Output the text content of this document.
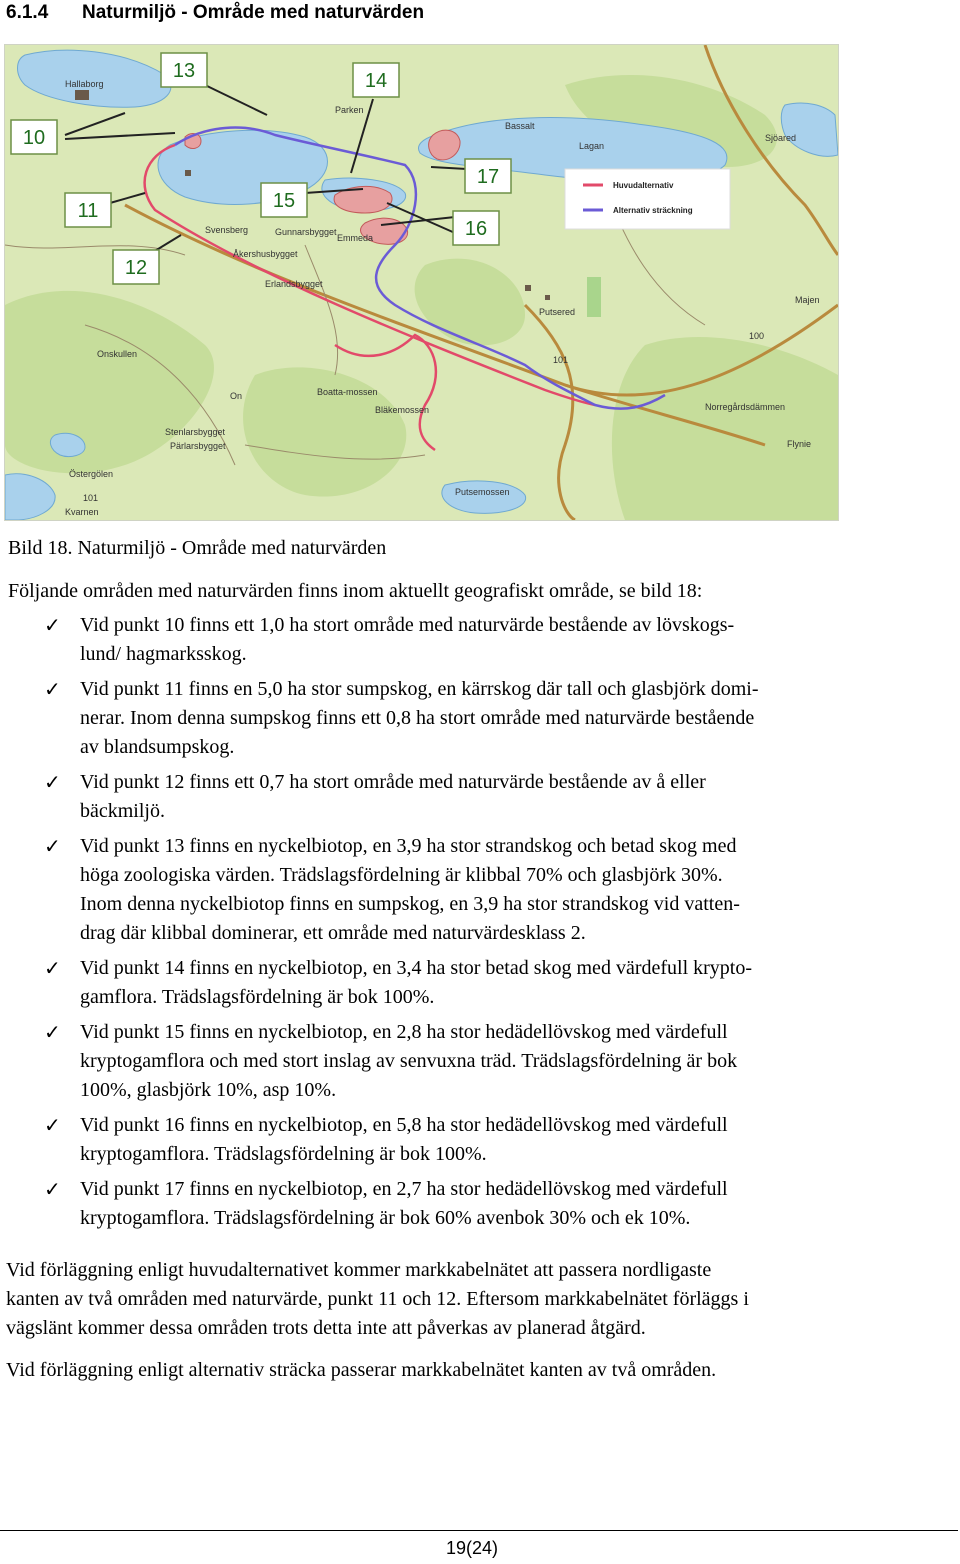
6.1.4 Naturmiljö - Område med naturvärden
Hallaborg
Parken
Bassalt
Lagan
Sjöared
Majen
Svensberg
Åkershusbygget
Gunnarsbygget
Emmeda
Erlandsbygget
Putsered
Onskullen
On	Boatta-mossen
Bläkemossen
Stenlarsbygget
Pärlarsbygget
Östergölen
Putsemossen
Flynie
Norregårdsdämmen
Kvarnen
101
101
100
Huvudalternativ
Alternativ sträckning
10
11
12
13	14
15
16
17
Bild 18. Naturmiljö - Område med naturvärden
Följande områden med naturvärden finns inom aktuellt geografiskt område, se bild 18:
✓ Vid punkt 10 finns ett 1,0 ha stort område med naturvärde bestående av lövskogs-
lund/ hagmarksskog.
✓ Vid punkt 11 finns en 5,0 ha stor sumpskog, en kärrskog där tall och glasbjörk domi-
nerar. Inom denna sumpskog finns ett 0,8 ha stort område med naturvärde bestående
av blandsumpskog.
✓ Vid punkt 12 finns ett 0,7 ha stort område med naturvärde bestående av å eller
bäckmiljö.
✓ Vid punkt 13 finns en nyckelbiotop, en 3,9 ha stor strandskog och betad skog med
höga zoologiska värden. Trädslagsfördelning är klibbal 70% och glasbjörk 30%.
Inom denna nyckelbiotop finns en sumpskog, en 3,9 ha stor strandskog vid vatten-
drag där klibbal dominerar, ett område med naturvärdesklass 2.
✓ Vid punkt 14 finns en nyckelbiotop, en 3,4 ha stor betad skog med värdefull krypto-
gamflora. Trädslagsfördelning är bok 100%.
✓ Vid punkt 15 finns en nyckelbiotop, en 2,8 ha stor hedädellövskog med värdefull
kryptogamflora och med stort inslag av senvuxna träd. Trädslagsfördelning är bok
100%, glasbjörk 10%, asp 10%.
✓ Vid punkt 16 finns en nyckelbiotop, en 5,8 ha stor hedädellövskog med värdefull
kryptogamflora. Trädslagsfördelning är bok 100%.
✓ Vid punkt 17 finns en nyckelbiotop, en 2,7 ha stor hedädellövskog med värdefull
kryptogamflora. Trädslagsfördelning är bok 60% avenbok 30% och ek 10%.
Vid förläggning enligt huvudalternativet kommer markkabelnätet att passera nordligaste
kanten av två områden med naturvärde, punkt 11 och 12. Eftersom markkabelnätet förläggs i
vägslänt kommer dessa områden trots detta inte att påverkas av planerad åtgärd.
Vid förläggning enligt alternativ sträcka passerar markkabelnätet kanten av två områden.
19(24)
